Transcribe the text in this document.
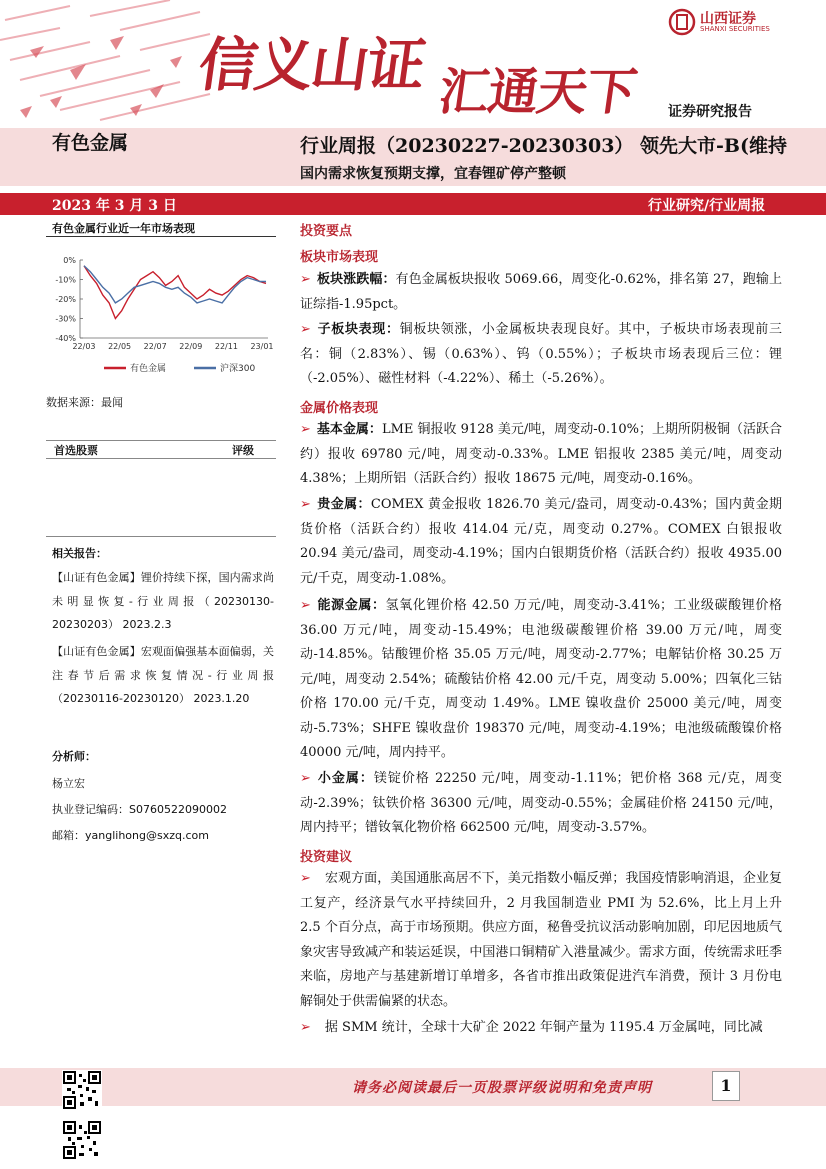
信义山证 汇通天下
山西证券
SHANXI SECURITIES
证券研究报告
有色金属	行业周报（20230227-20230303） 领先大市-B(维持
国内需求恢复预期支撑，宜春锂矿停产整顿
2023 年 3 月 3 日	行业研究/行业周报
有色金属行业近一年市场表现
0%
-10%
-20%
-30%
-40%
22/03 22/05 22/07 22/09 22/11 23/01
有色金属	沪深300
数据来源：最闻
首选股票	评级
相关报告：
【山证有色金属】锂价持续下探，国内需求尚未明显恢复-行业周报（20230130-20230203） 2023.2.3
【山证有色金属】宏观面偏强基本面偏弱，关注春节后需求恢复情况-行业周报（20230116-20230120） 2023.1.20
分析师：
杨立宏
执业登记编码：S0760522090002
邮箱：yanglihong@sxzq.com
投资要点
板块市场表现
➢ 板块涨跌幅：有色金属板块报收 5069.66，周变化-0.62%，排名第 27，跑输上证综指-1.95pct。
➢ 子板块表现：铜板块领涨，小金属板块表现良好。其中，子板块市场表现前三名：铜（2.83%）、锡（0.63%）、钨（0.55%）；子板块市场表现后三位：锂（-2.05%）、磁性材料（-4.22%）、稀土（-5.26%）。
金属价格表现
➢ 基本金属：LME 铜报收 9128 美元/吨，周变动-0.10%；上期所阴极铜（活跃合约）报收 69780 元/吨，周变动-0.33%。LME 铝报收 2385 美元/吨，周变动 4.38%；上期所铝（活跃合约）报收 18675 元/吨，周变动-0.16%。
➢ 贵金属：COMEX 黄金报收 1826.70 美元/盎司，周变动-0.43%；国内黄金期货价格（活跃合约）报收 414.04 元/克，周变动 0.27%。COMEX 白银报收 20.94 美元/盎司，周变动-4.19%；国内白银期货价格（活跃合约）报收 4935.00 元/千克，周变动-1.08%。
➢ 能源金属：氢氧化锂价格 42.50 万元/吨，周变动-3.41%；工业级碳酸锂价格 36.00 万元/吨，周变动-15.49%；电池级碳酸锂价格 39.00 万元/吨，周变动-14.85%。钴酸锂价格 35.05 万元/吨，周变动-2.77%；电解钴价格 30.25 万元/吨，周变动 2.54%；硫酸钴价格 42.00 元/千克，周变动 5.00%；四氧化三钴价格 170.00 元/千克，周变动 1.49%。LME 镍收盘价 25000 美元/吨，周变动-5.73%；SHFE 镍收盘价 198370 元/吨，周变动-4.19%；电池级硫酸镍价格 40000 元/吨，周内持平。
➢ 小金属：镁锭价格 22250 元/吨，周变动-1.11%；钯价格 368 元/克，周变动-2.39%；钛铁价格 36300 元/吨，周变动-0.55%；金属硅价格 24150 元/吨，周内持平；镨钕氧化物价格 662500 元/吨，周变动-3.57%。
投资建议
➢ 宏观方面，美国通胀高居不下，美元指数小幅反弹；我国疫情影响消退，企业复工复产，经济景气水平持续回升，2 月我国制造业 PMI 为 52.6%，比上月上升 2.5 个百分点，高于市场预期。供应方面，秘鲁受抗议活动影响加剧，印尼因地质气象灾害导致减产和装运延误，中国港口铜精矿入港量减少。需求方面，传统需求旺季来临，房地产与基建新增订单增多，各省市推出政策促进汽车消费，预计 3 月份电解铜处于供需偏紧的状态。
➢ 据 SMM 统计，全球十大矿企 2022 年铜产量为 1195.4 万金属吨，同比减
请务必阅读最后一页股票评级说明和免责声明	1
